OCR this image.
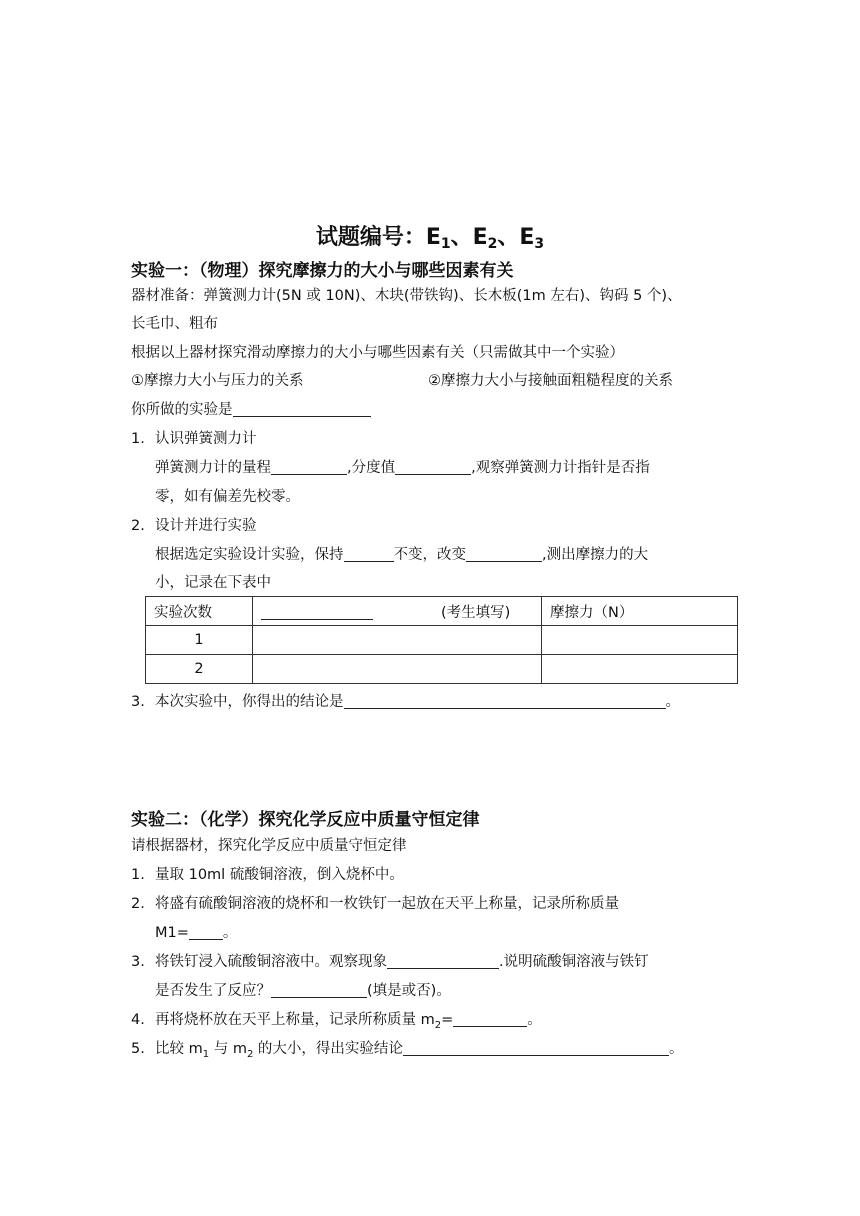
试题编号：$E_1$、$E_2$、$E_3$
实验一：（物理）探究摩擦力的大小与哪些因素有关
器材准备：弹簧测力计(5N 或 10N)、木块(带铁钩)、长木板(1m 左右)、钩码 5 个)、
长毛巾、粗布
根据以上器材探究滑动摩擦力的大小与哪些因素有关（只需做其中一个实验）
①摩擦力大小与压力的关系	②摩擦力大小与接触面粗糙程度的关系
你所做的实验是
1. 认识弹簧测力计
弹簧测力计的量程	,分度值	,观察弹簧测力计指针是否指
零，如有偏差先校零。
2. 设计并进行实验
根据选定实验设计实验，保持	不变，改变	,测出摩擦力的大
小，记录在下表中
实验次数	(考生填写)	摩擦力（N）
1		
2		
3. 本次实验中，你得出的结论是	。
实验二：（化学）探究化学反应中质量守恒定律
请根据器材，探究化学反应中质量守恒定律
1. 量取 10ml 硫酸铜溶液，倒入烧杯中。
2. 将盛有硫酸铜溶液的烧杯和一枚铁钉一起放在天平上称量，记录所称质量
M1= 。
3. 将铁钉浸入硫酸铜溶液中。观察现象	.说明硫酸铜溶液与铁钉
是否发生了反应？	(填是或否)。
4. 再将烧杯放在天平上称量，记录所称质量 $m_2=$	。
5. 比较 $m_1$ 与 $m_2$ 的大小，得出实验结论	。
